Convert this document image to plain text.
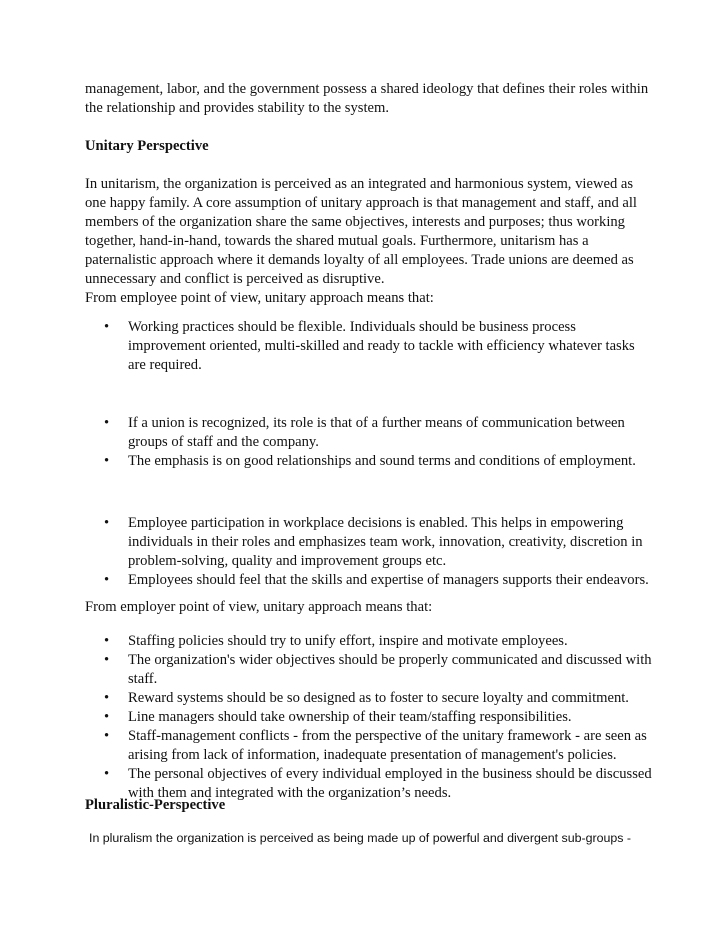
management, labor, and the government possess a shared ideology that defines their roles within the relationship and provides stability to the system.

Unitary Perspective

In unitarism, the organization is perceived as an integrated and harmonious system, viewed as one happy family. A core assumption of unitary approach is that management and staff, and all members of the organization share the same objectives, interests and purposes; thus working together, hand-in-hand, towards the shared mutual goals. Furthermore, unitarism has a paternalistic approach where it demands loyalty of all employees. Trade unions are deemed as unnecessary and conflict is perceived as disruptive.

From employee point of view, unitary approach means that:

• Working practices should be flexible. Individuals should be business process improvement oriented, multi-skilled and ready to tackle with efficiency whatever tasks are required.
• If a union is recognized, its role is that of a further means of communication between groups of staff and the company.
• The emphasis is on good relationships and sound terms and conditions of employment.
• Employee participation in workplace decisions is enabled. This helps in empowering individuals in their roles and emphasizes team work, innovation, creativity, discretion in problem-solving, quality and improvement groups etc.
• Employees should feel that the skills and expertise of managers supports their endeavors.

From employer point of view, unitary approach means that:

• Staffing policies should try to unify effort, inspire and motivate employees.
• The organization's wider objectives should be properly communicated and discussed with staff.
• Reward systems should be so designed as to foster to secure loyalty and commitment.
• Line managers should take ownership of their team/staffing responsibilities.
• Staff-management conflicts - from the perspective of the unitary framework - are seen as arising from lack of information, inadequate presentation of management's policies.
• The personal objectives of every individual employed in the business should be discussed with them and integrated with the organization’s needs.

Pluralistic-Perspective

In pluralism the organization is perceived as being made up of powerful and divergent sub-groups -
